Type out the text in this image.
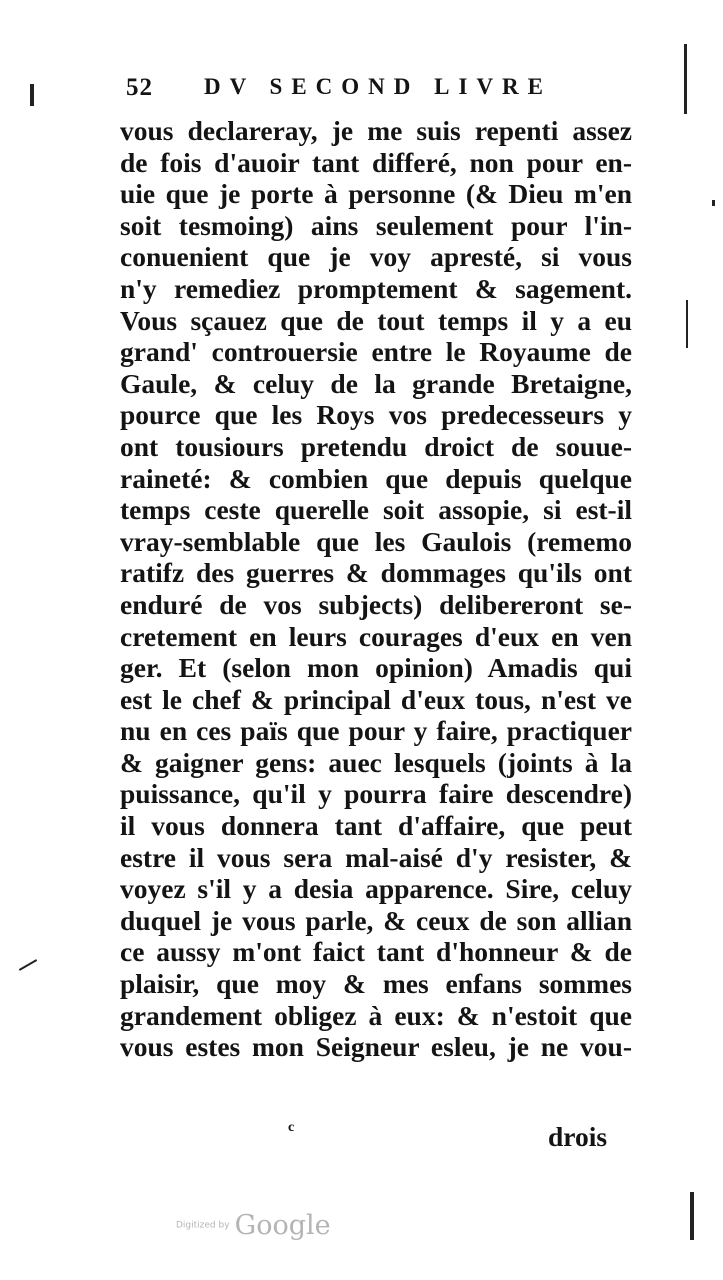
52 DV SECOND LIVRE
vous declareray, je me suis repenti assez
de fois d'auoir tant differé, non pour en-
uie que je porte à personne (& Dieu m'en
soit tesmoing) ains seulement pour l'in-
conuenient que je voy apresté, si vous
n'y remediez promptement & sagement.
Vous sçauez que de tout temps il y a eu
grand' controuersie entre le Royaume de
Gaule, & celuy de la grande Bretaigne,
pource que les Roys vos predecesseurs y
ont tousiours pretendu droict de souue-
raineté: & combien que depuis quelque
temps ceste querelle soit assopie, si est-il
vray-semblable que les Gaulois (rememo
ratifz des guerres & dommages qu'ils ont
enduré de vos subjects) delibereront se-
cretement en leurs courages d'eux en ven
ger. Et (selon mon opinion) Amadis qui
est le chef & principal d'eux tous, n'est ve
nu en ces païs que pour y faire, practiquer
& gaigner gens: auec lesquels (joints à la
puissance, qu'il y pourra faire descendre)
il vous donnera tant d'affaire, que peut
estre il vous sera mal-aisé d'y resister, &
voyez s'il y a desia apparence. Sire, celuy
duquel je vous parle, & ceux de son allian
ce aussy m'ont faict tant d'honneur & de
plaisir, que moy & mes enfans sommes
grandement obligez à eux: & n'estoit que
vous estes mon Seigneur esleu, je ne vou-
c	drois
Digitized by Google
